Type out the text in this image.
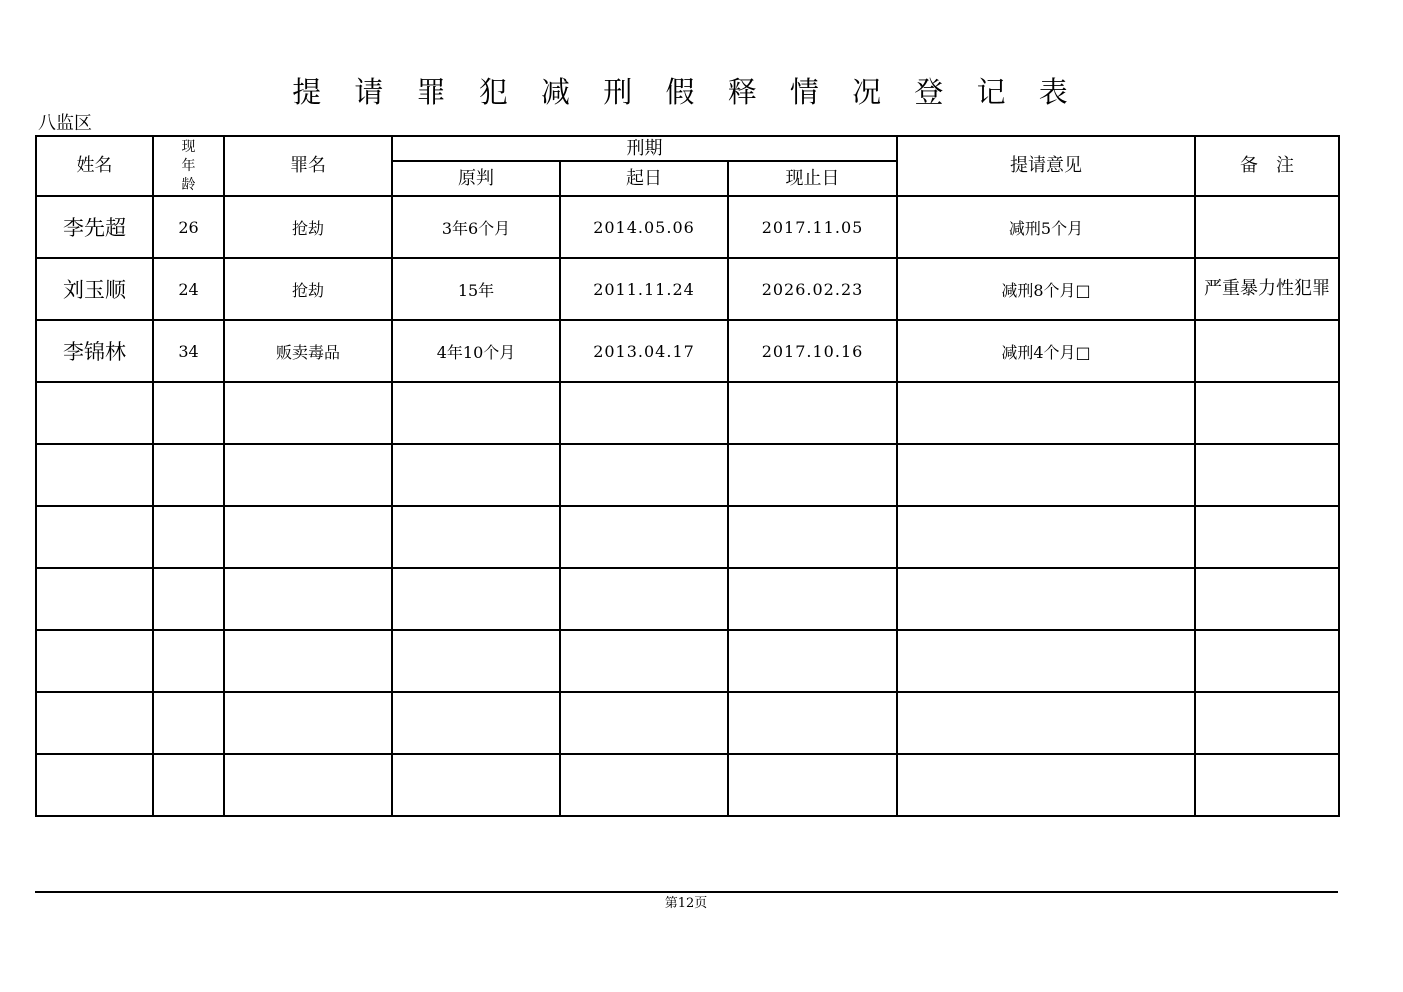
提 请 罪 犯 减 刑 假 释 情 况 登 记 表
八监区
姓名	现
年
龄	罪名	刑期			提请意见	备　注
			原判	起日	现止日		
李先超	26	抢劫	3年6个月	2014.05.06	2017.11.05	减刑5个月	
刘玉顺	24	抢劫	15年	2011.11.24	2026.02.23	减刑8个月□	严重暴力性犯罪
李锦林	34	贩卖毒品	4年10个月	2013.04.17	2017.10.16	减刑4个月□	

第12页
